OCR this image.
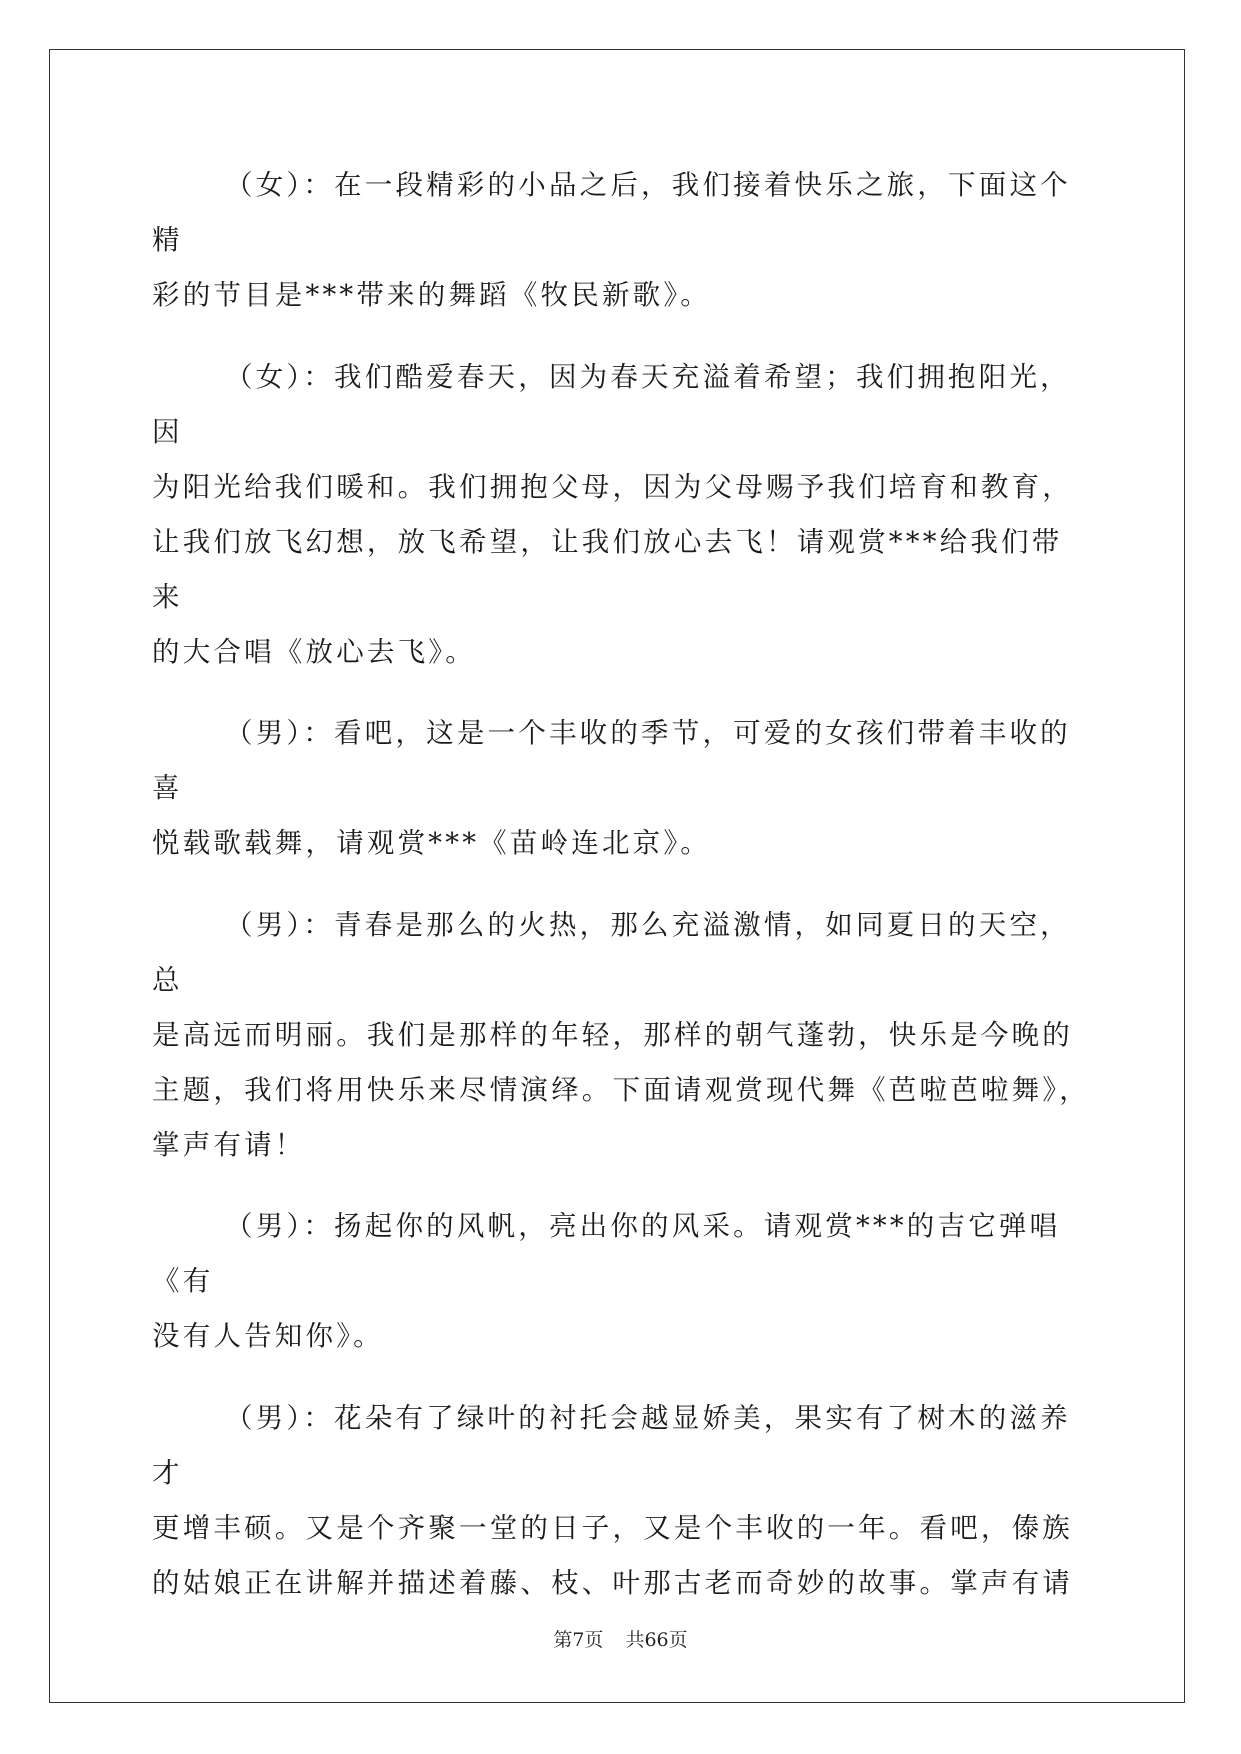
（女）：在一段精彩的小品之后，我们接着快乐之旅，下面这个精
彩的节目是***带来的舞蹈《牧民新歌》。

（女）：我们酷爱春天，因为春天充溢着希望；我们拥抱阳光，因
为阳光给我们暖和。我们拥抱父母，因为父母赐予我们培育和教育，
让我们放飞幻想，放飞希望，让我们放心去飞！请观赏***给我们带来
的大合唱《放心去飞》。

（男）：看吧，这是一个丰收的季节，可爱的女孩们带着丰收的喜
悦载歌载舞，请观赏***《苗岭连北京》。

（男）：青春是那么的火热，那么充溢激情，如同夏日的天空，总
是高远而明丽。我们是那样的年轻，那样的朝气蓬勃，快乐是今晚的
主题，我们将用快乐来尽情演绎。下面请观赏现代舞《芭啦芭啦舞》，
掌声有请！

（男）：扬起你的风帆，亮出你的风采。请观赏***的吉它弹唱《有
没有人告知你》。

（男）：花朵有了绿叶的衬托会越显娇美，果实有了树木的滋养才
更增丰硕。又是个齐聚一堂的日子，又是个丰收的一年。看吧，傣族
的姑娘正在讲解并描述着藤、枝、叶那古老而奇妙的故事。掌声有请

第7页 共66页
